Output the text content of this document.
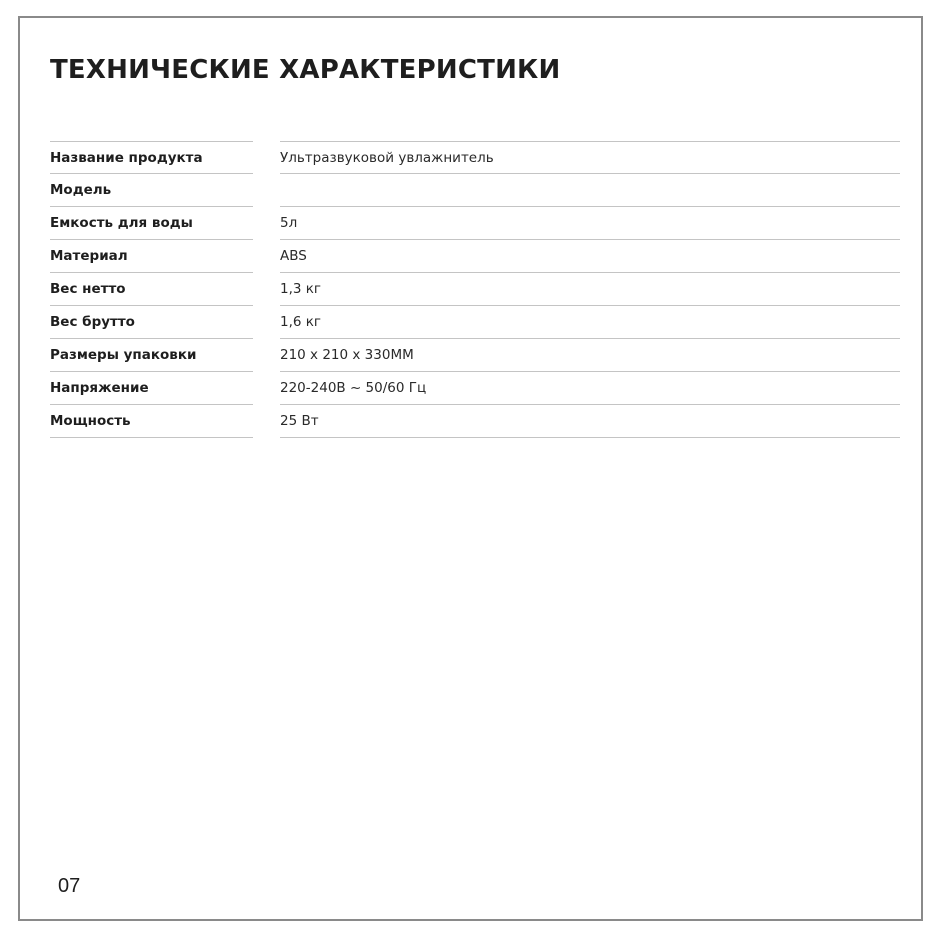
ТЕХНИЧЕСКИЕ ХАРАКТЕРИСТИКИ
Название продукта	Ультразвуковой увлажнитель
Модель
Емкость для воды	5л
Материал	ABS
Вес нетто	1,3 кг
Вес брутто	1,6 кг
Размеры упаковки	210 x 210 x 330MM
Напряжение	220-240В ~ 50/60 Гц
Мощность	25 Вт
07
